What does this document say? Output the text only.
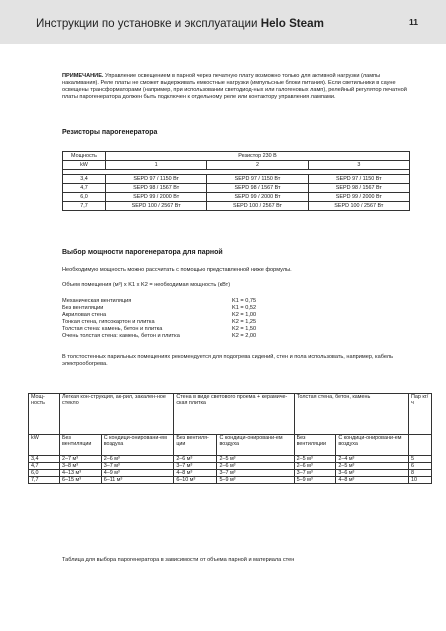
Инструкции по установке и эксплуатации Helo Steam	11
ПРИМЕЧАНИЕ. Управление освещением в парной через печатную плату возможно только для активной нагрузки (лампы накаливания). Реле платы не сможет выдерживать емкостные нагрузки (импульсные блоки питания). Если светильники в сауне освещены трансформаторами (например, при использовании светодиод-ных или галогеновых ламп), релейный регулятор печатной платы парогенератора должен быть подключен к отдельному реле или контактору управления лампами.
Резисторы парогенератора
Мощность	Резистор 230 В		
kW	1	2	3

3,4	SEPD 97 / 1150 Вт	SEPD 97 / 1150 Вт	SEPD 97 / 1150 Вт
4,7	SEPD 98 / 1567 Вт	SEPD 98 / 1567 Вт	SEPD 98 / 1567 Вт
6,0	SEPD 99 / 2000 Вт	SEPD 99 / 2000 Вт	SEPD 99 / 2000 Вт
7,7	SEPD 100 / 2567 Вт	SEPD 100 / 2567 Вт	SEPD 100 / 2567 Вт
Выбор мощности парогенератора для парной
Необходимую мощность можно рассчитать с помощью представленной ниже формулы.
Объем помещения (м³) x K1 x K2 = необходимая мощность (кВт)
Механическая вентиляция	K1 = 0,75
Без вентиляции	K1 = 0,52
Акриловая стена	K2 = 1,00
Тонкая стена, гипсокартон и плитка	K2 = 1,25
Толстая стена: камень, бетон и плитка	K2 = 1,50
Очень толстая стена: камень, бетон и плитка	K2 = 2,00
В толстостенных парильных помещениях рекомендуется для подогрева сидений, стен и пола использовать, например, кабель электрообогрева.
Мощ-ность	Легкая кон-струкция, ак-рил, закален-ное стекло		Стена в виде светового проема + керамиче-ская плитка		Толстая стена, бетон, камень		Пар кг/ч
kW	Без вентиляции	С кондици-онировани-ем воздуха	Без вентиля-ции	С кондици-онировани-ем воздуха	Без вентиляции	С кондици-онировани-ем воздуха	
3,4	2–7 м³	2–6 м³	2–6 м³	2–5 м³	2–5 м³	2–4 м³	5
4,7	3–8 м³	3–7 м³	3–7 м³	2–6 м³	2–6 м³	2–5 м³	6
6,0	4–13 м³	4–9 м³	4–8 м³	3–7 м³	3–7 м³	3–6 м³	8
7,7	6–15 м³	6–11 м³	6–10 м³	5–9 м³	5–9 м³	4–8 м³	10
Таблица для выбора парогенератора в зависимости от объема парной и материала стен
